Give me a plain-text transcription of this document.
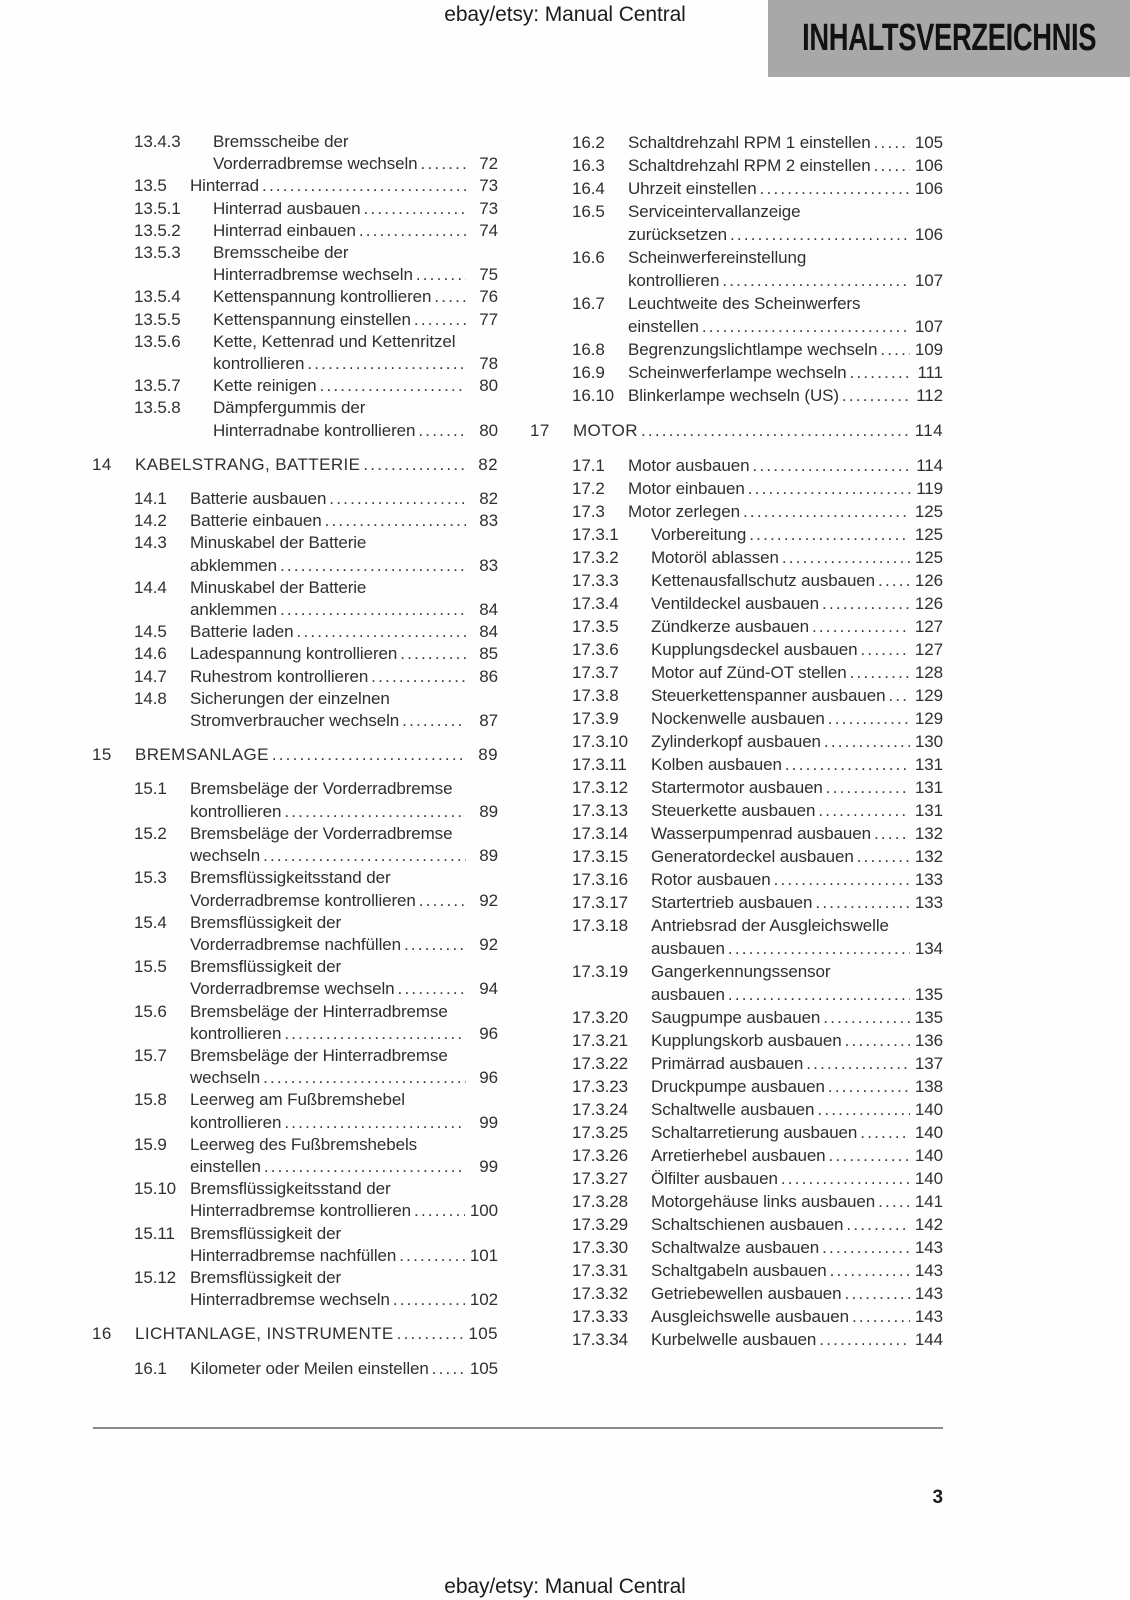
ebay/etsy: Manual Central
INHALTSVERZEICHNIS
13.4.3	Bremsscheibe der
Vorderradbremse wechseln .....	72
13.5	Hinterrad .....	73
13.5.1	Hinterrad ausbauen .....	73
13.5.2	Hinterrad einbauen .....	74
13.5.3	Bremsscheibe der
Hinterradbremse wechseln .....	75
13.5.4	Kettenspannung kontrollieren .....	76
13.5.5	Kettenspannung einstellen .....	77
13.5.6	Kette, Kettenrad und Kettenritzel
kontrollieren .....	78
13.5.7	Kette reinigen .....	80
13.5.8	Dämpfergummis der
Hinterradnabe kontrollieren .....	80
14	KABELSTRANG, BATTERIE .....	82
14.1	Batterie ausbauen .....	82
14.2	Batterie einbauen .....	83
14.3	Minuskabel der Batterie
abklemmen .....	83
14.4	Minuskabel der Batterie
anklemmen .....	84
14.5	Batterie laden .....	84
14.6	Ladespannung kontrollieren .....	85
14.7	Ruhestrom kontrollieren .....	86
14.8	Sicherungen der einzelnen
Stromverbraucher wechseln .....	87
15	BREMSANLAGE .....	89
15.1	Bremsbeläge der Vorderradbremse
kontrollieren .....	89
15.2	Bremsbeläge der Vorderradbremse
wechseln .....	89
15.3	Bremsflüssigkeitsstand der
Vorderradbremse kontrollieren .....	92
15.4	Bremsflüssigkeit der
Vorderradbremse nachfüllen .....	92
15.5	Bremsflüssigkeit der
Vorderradbremse wechseln .....	94
15.6	Bremsbeläge der Hinterradbremse
kontrollieren .....	96
15.7	Bremsbeläge der Hinterradbremse
wechseln .....	96
15.8	Leerweg am Fußbremshebel
kontrollieren .....	99
15.9	Leerweg des Fußbremshebels
einstellen .....	99
15.10 Bremsflüssigkeitsstand der
Hinterradbremse kontrollieren .....	100
15.11 Bremsflüssigkeit der
Hinterradbremse nachfüllen .....	101
15.12 Bremsflüssigkeit der
Hinterradbremse wechseln .....	102
16	LICHTANLAGE, INSTRUMENTE .....	105
16.1	Kilometer oder Meilen einstellen ..... 105
16.2	Schaltdrehzahl RPM 1 einstellen .....	105
16.3	Schaltdrehzahl RPM 2 einstellen .....	106
16.4	Uhrzeit einstellen .....	106
16.5	Serviceintervallanzeige
zurücksetzen .....	106
16.6	Scheinwerfereinstellung
kontrollieren .....	107
16.7	Leuchtweite des Scheinwerfers
einstellen .....	107
16.8	Begrenzungslichtlampe wechseln ..... 109
16.9	Scheinwerferlampe wechseln .....	111
16.10 Blinkerlampe wechseln (US) .....	112
17	MOTOR .....	114
17.1	Motor ausbauen .....	114
17.2	Motor einbauen .....	119
17.3	Motor zerlegen .....	125
17.3.1	Vorbereitung .....	125
17.3.2	Motoröl ablassen .....	125
17.3.3	Kettenausfallschutz ausbauen ..... 126
17.3.4	Ventildeckel ausbauen .....	126
17.3.5	Zündkerze ausbauen .....	127
17.3.6	Kupplungsdeckel ausbauen .....	127
17.3.7	Motor auf Zünd-OT stellen .....	128
17.3.8	Steuerkettenspanner ausbauen ..... 129
17.3.9	Nockenwelle ausbauen .....	129
17.3.10	Zylinderkopf ausbauen .....	130
17.3.11	Kolben ausbauen .....	131
17.3.12	Startermotor ausbauen .....	131
17.3.13	Steuerkette ausbauen .....	131
17.3.14	Wasserpumpenrad ausbauen .....	132
17.3.15	Generatordeckel ausbauen .....	132
17.3.16	Rotor ausbauen .....	133
17.3.17	Startertrieb ausbauen .....	133
17.3.18	Antriebsrad der Ausgleichswelle
ausbauen .....	134
17.3.19	Gangerkennungssensor
ausbauen .....	135
17.3.20	Saugpumpe ausbauen .....	135
17.3.21	Kupplungskorb ausbauen .....	136
17.3.22	Primärrad ausbauen .....	137
17.3.23	Druckpumpe ausbauen .....	138
17.3.24	Schaltwelle ausbauen .....	140
17.3.25	Schaltarretierung ausbauen .....	140
17.3.26	Arretierhebel ausbauen .....	140
17.3.27	Ölfilter ausbauen .....	140
17.3.28	Motorgehäuse links ausbauen ..... 141
17.3.29	Schaltschienen ausbauen .....	142
17.3.30	Schaltwalze ausbauen .....	143
17.3.31	Schaltgabeln ausbauen .....	143
17.3.32	Getriebewellen ausbauen .....	143
17.3.33	Ausgleichswelle ausbauen .....	143
17.3.34	Kurbelwelle ausbauen .....	144
3
ebay/etsy: Manual Central
